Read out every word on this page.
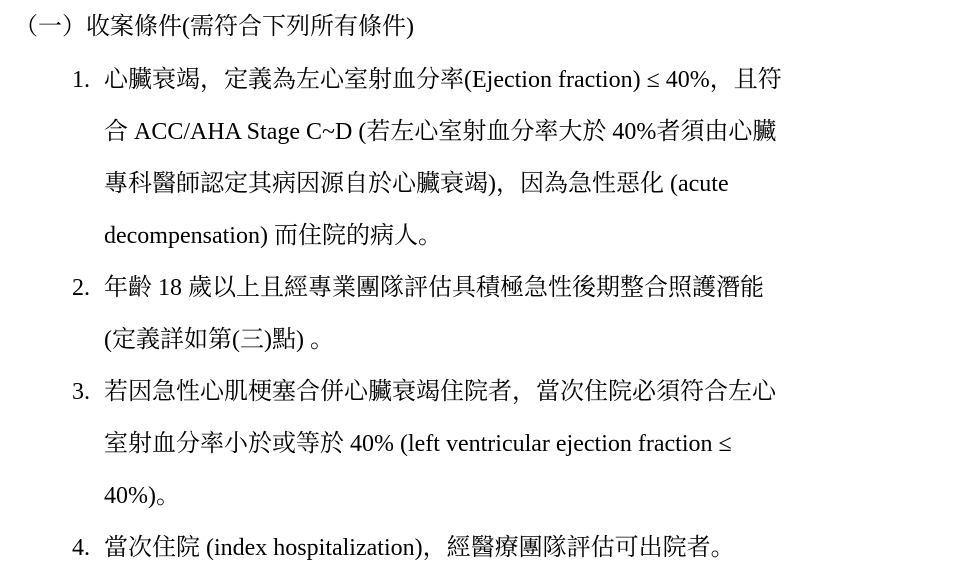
（一）收案條件(需符合下列所有條件)
1. 心臟衰竭，定義為左心室射血分率(Ejection fraction) ≤ 40%，且符
合 ACC/AHA Stage C~D (若左心室射血分率大於 40%者須由心臟
專科醫師認定其病因源自於心臟衰竭)，因為急性惡化 (acute
decompensation) 而住院的病人。
2. 年齡 18 歲以上且經專業團隊評估具積極急性後期整合照護潛能
(定義詳如第(三)點) 。
3. 若因急性心肌梗塞合併心臟衰竭住院者，當次住院必須符合左心
室射血分率小於或等於 40% (left ventricular ejection fraction ≤
40%)。
4. 當次住院 (index hospitalization)，經醫療團隊評估可出院者。
